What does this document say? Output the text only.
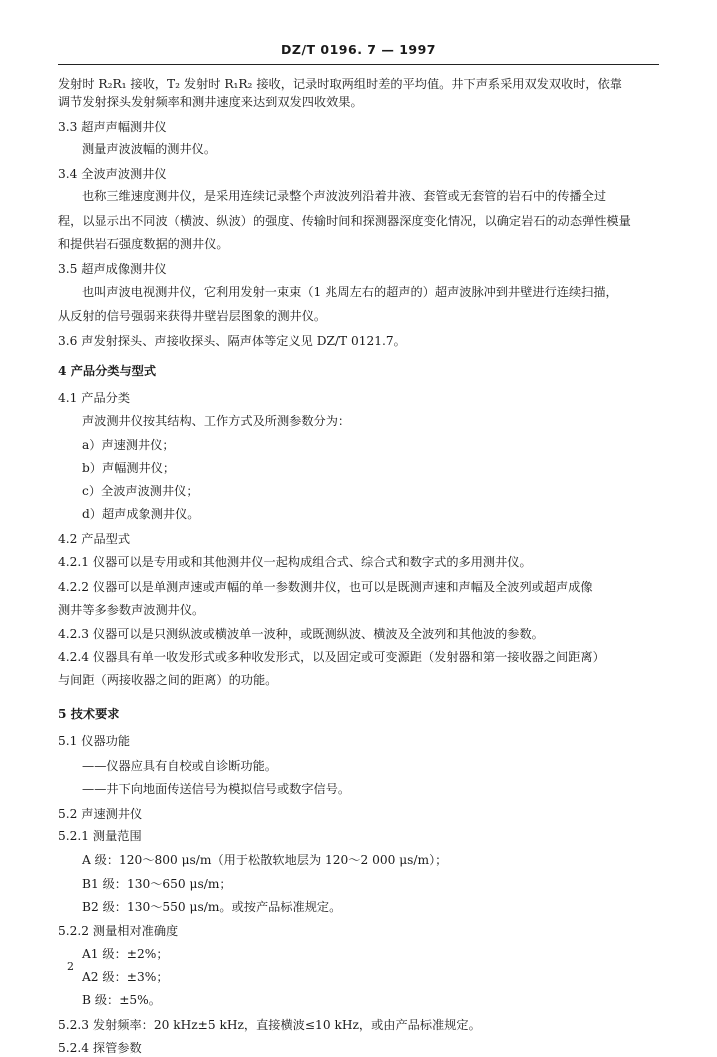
DZ/T 0196. 7 — 1997
发射时 R₂R₁ 接收，T₂ 发射时 R₁R₂ 接收，记录时取两组时差的平均值。井下声系采用双发双收时，依靠
调节发射探头发射频率和测井速度来达到双发四收效果。
3.3 超声声幅测井仪
测量声波波幅的测井仪。
3.4 全波声波测井仪
也称三维速度测井仪，是采用连续记录整个声波波列沿着井液、套管或无套管的岩石中的传播全过
程，以显示出不同波（横波、纵波）的强度、传输时间和探测器深度变化情况，以确定岩石的动态弹性模量
和提供岩石强度数据的测井仪。
3.5 超声成像测井仪
也叫声波电视测井仪，它利用发射一束束（1 兆周左右的超声的）超声波脉冲到井壁进行连续扫描，
从反射的信号强弱来获得井壁岩层图象的测井仪。
3.6 声发射探头、声接收探头、隔声体等定义见 DZ/T 0121.7。
4 产品分类与型式
4.1 产品分类
声波测井仪按其结构、工作方式及所测参数分为：
a）声速测井仪；
b）声幅测井仪；
c）全波声波测井仪；
d）超声成象测井仪。
4.2 产品型式
4.2.1 仪器可以是专用或和其他测井仪一起构成组合式、综合式和数字式的多用测井仪。
4.2.2 仪器可以是单测声速或声幅的单一参数测井仪，也可以是既测声速和声幅及全波列或超声成像
测井等多参数声波测井仪。
4.2.3 仪器可以是只测纵波或横波单一波种，或既测纵波、横波及全波列和其他波的参数。
4.2.4 仪器具有单一收发形式或多种收发形式，以及固定或可变源距（发射器和第一接收器之间距离）
与间距（两接收器之间的距离）的功能。
5 技术要求
5.1 仪器功能
——仪器应具有自校或自诊断功能。
——井下向地面传送信号为模拟信号或数字信号。
5.2 声速测井仪
5.2.1 测量范围
A 级：120～800 μs/m（用于松散软地层为 120～2 000 μs/m）；
B1 级：130～650 μs/m；
B2 级：130～550 μs/m。或按产品标准规定。
5.2.2 测量相对准确度
A1 级：±2%；
A2 级：±3%；
B 级：±5%。
5.2.3 发射频率：20 kHz±5 kHz，直接横波≤10 kHz，或由产品标准规定。
5.2.4 探管参数
2
